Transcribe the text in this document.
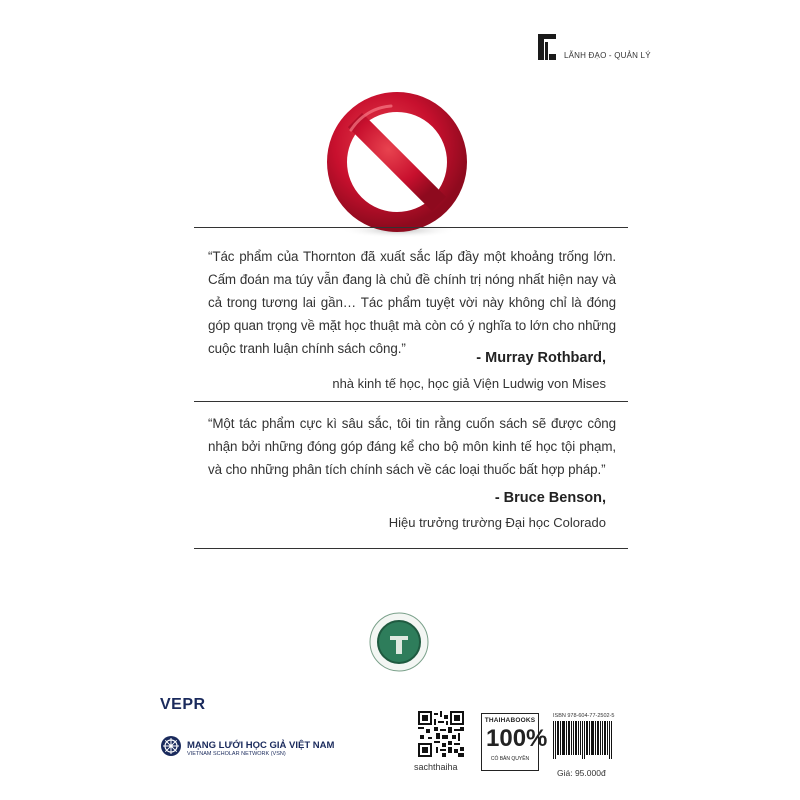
LÃNH ĐẠO - QUẢN LÝ
“Tác phẩm của Thornton đã xuất sắc lấp đầy một khoảng trống lớn. Cấm đoán ma túy vẫn đang là chủ đề chính trị nóng nhất hiện nay và cả trong tương lai gần… Tác phẩm tuyệt vời này không chỉ là đóng góp quan trọng về mặt học thuật mà còn có ý nghĩa to lớn cho những cuộc tranh luận chính sách công.”
- Murray Rothbard,
nhà kinh tế học, học giả Viện Ludwig von Mises
“Một tác phẩm cực kì sâu sắc, tôi tin rằng cuốn sách sẽ được công nhận bởi những đóng góp đáng kể cho bộ môn kinh tế học tội phạm, và cho những phân tích chính sách về các loại thuốc bất hợp pháp.”
- Bruce Benson,
Hiệu trưởng trường Đại học Colorado
VEPR
MẠNG LƯỚI HỌC GIẢ VIỆT NAM
VIETNAM SCHOLAR NETWORK (VSN)
sachthaiha
THAIHABOOKS
100%
CÓ BẢN QUYỀN
ISBN 978-604-77-2502-5
Giá: 95.000đ
